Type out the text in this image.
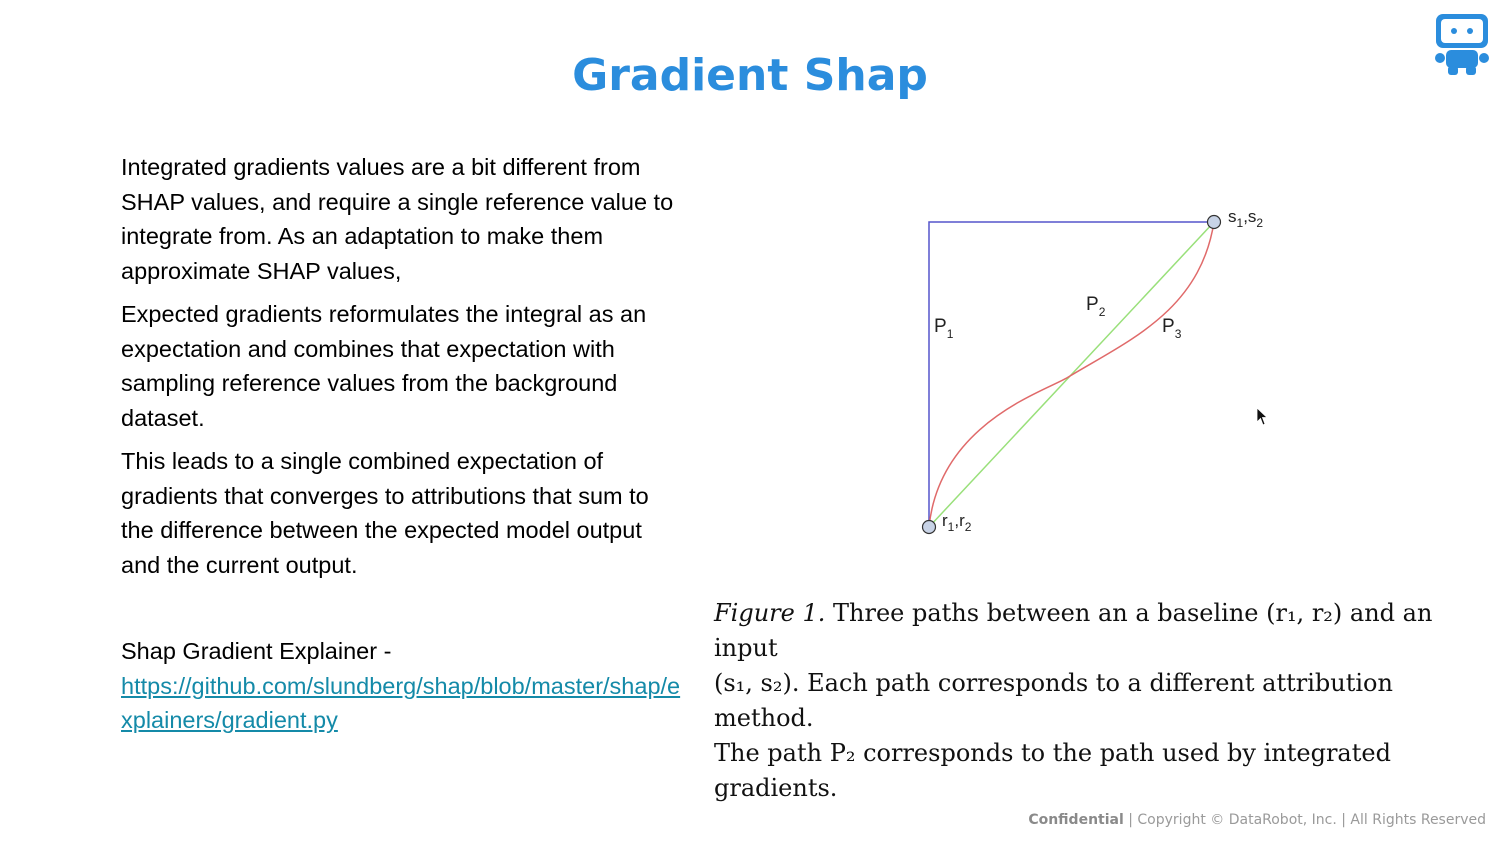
Gradient Shap

Integrated gradients values are a bit different from SHAP values, and require a single reference value to integrate from. As an adaptation to make them approximate SHAP values,

Expected gradients reformulates the integral as an expectation and combines that expectation with sampling reference values from the background dataset.

This leads to a single combined expectation of gradients that converges to attributions that sum to the difference between the expected model output and the current output.

Shap Gradient Explainer -
https://github.com/slundberg/shap/blob/master/shap/explainers/gradient.py
$s_1,s_2$
$r_1,r_2$
$P_1$
$P_2$
$P_3$
Figure 1. Three paths between an a baseline (r₁, r₂) and an input
(s₁, s₂). Each path corresponds to a different attribution method.
The path P₂ corresponds to the path used by integrated gradients.
Confidential | Copyright © DataRobot, Inc. | All Rights Reserved
